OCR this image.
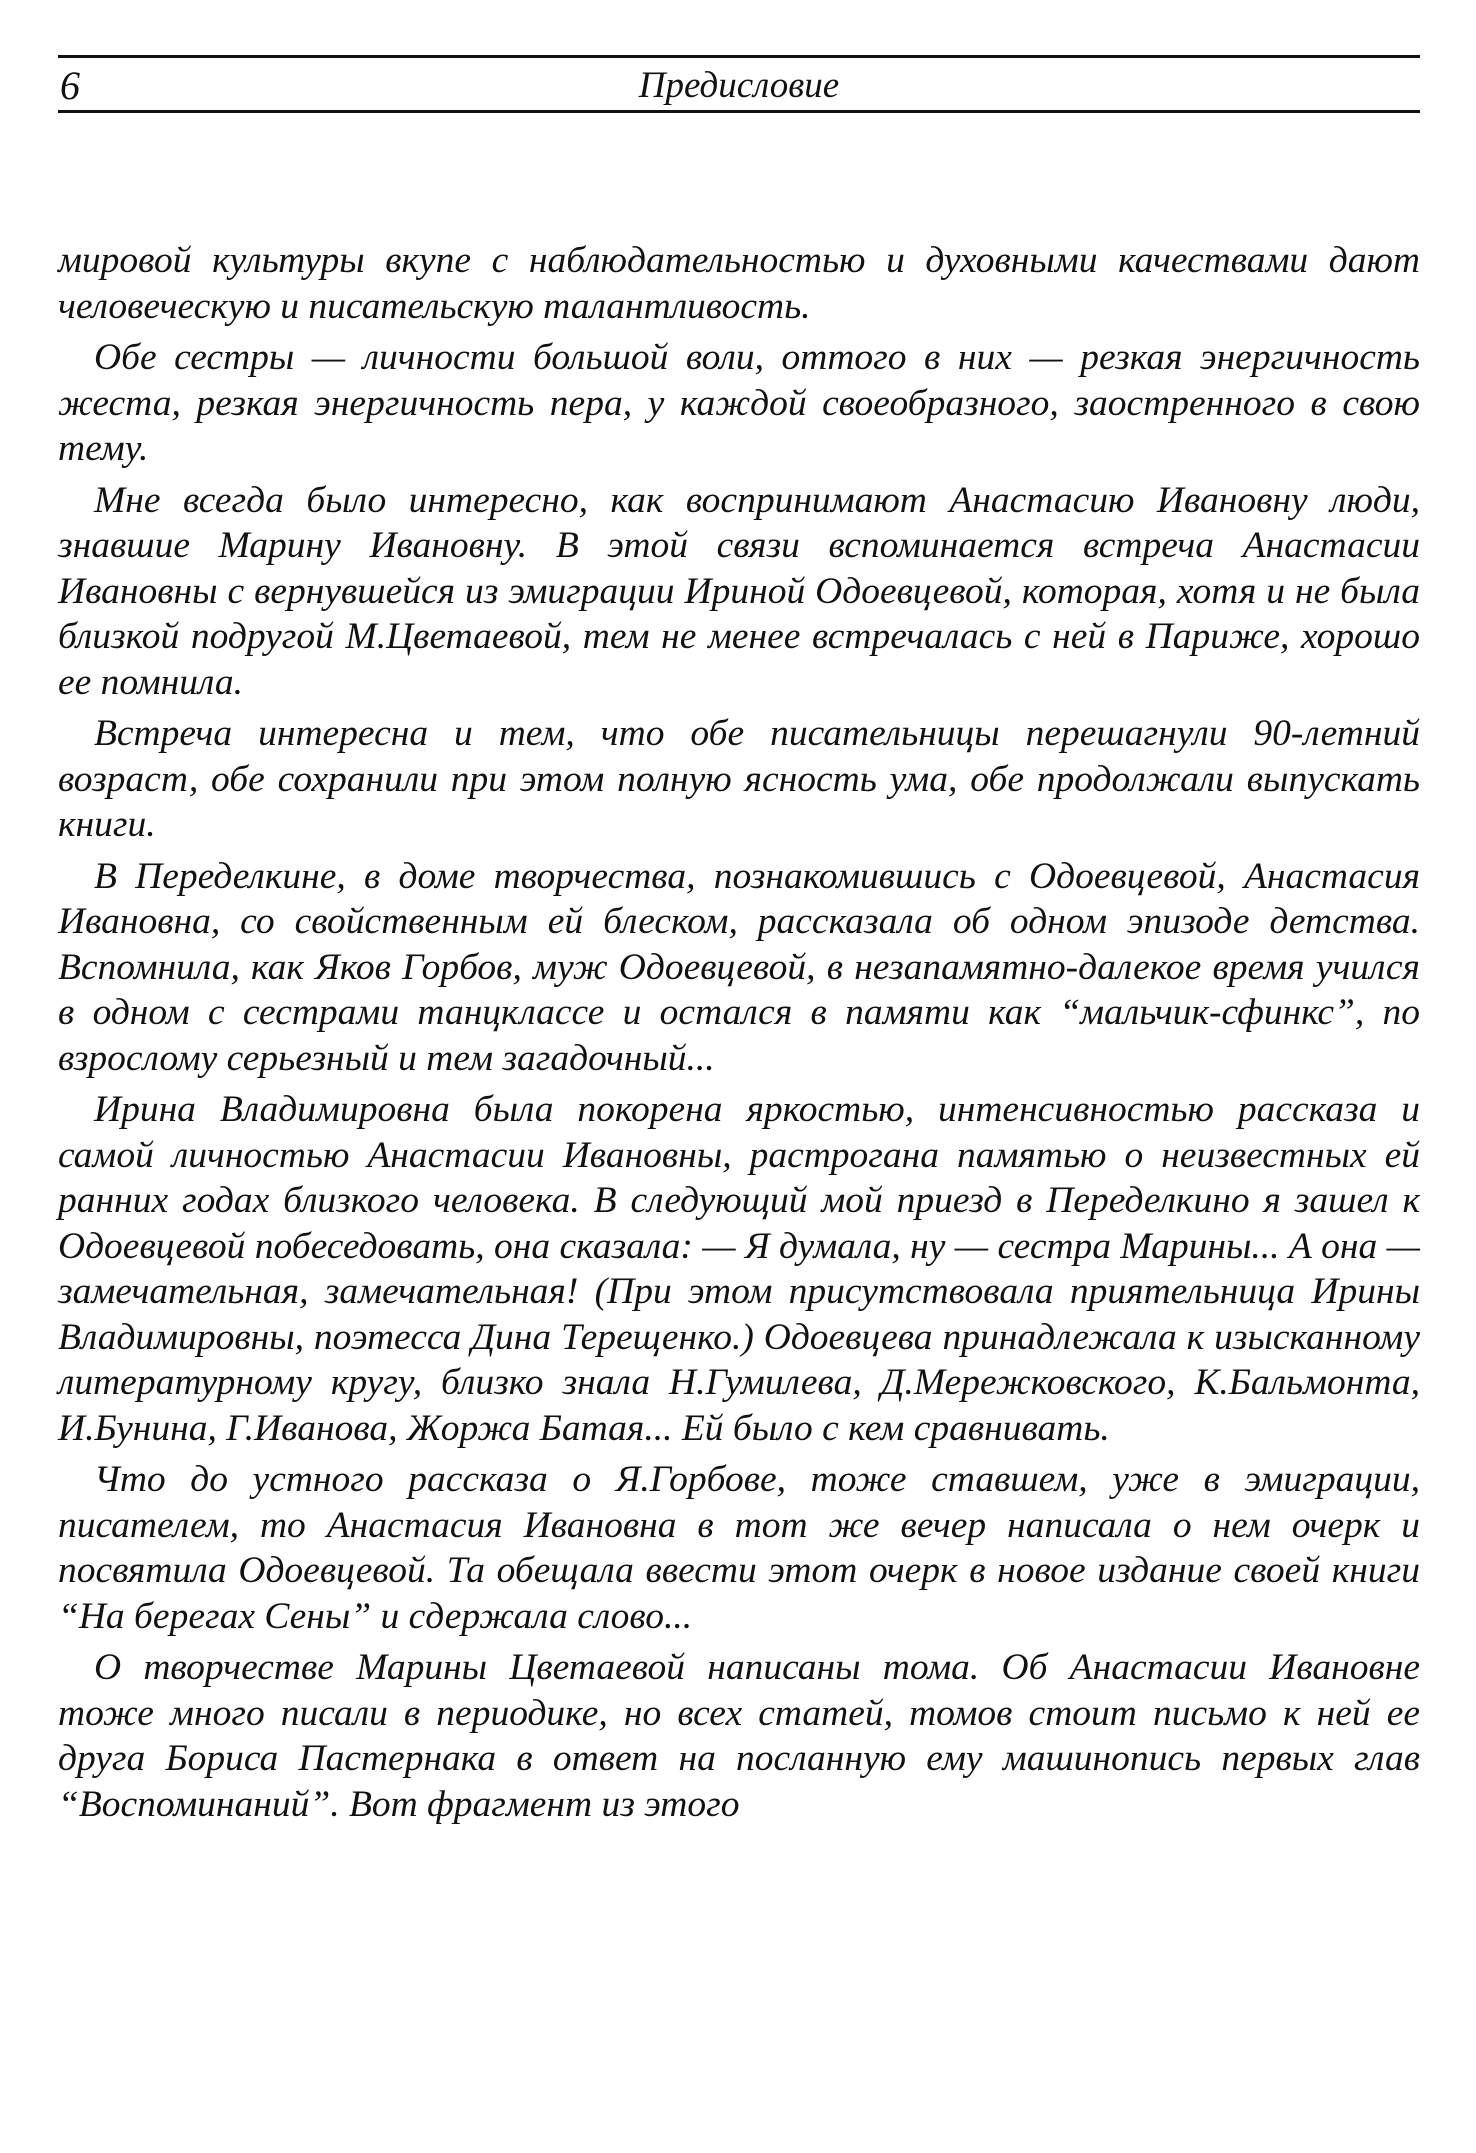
6	Предисловие

мировой культуры вкупе с наблюдательностью и духовными качествами дают человеческую и писательскую талантливость.

Обе сестры — личности большой воли, оттого в них — резкая энергичность жеста, резкая энергичность пера, у каждой своеобразного, заостренного в свою тему.

Мне всегда было интересно, как воспринимают Анастасию Ивановну люди, знавшие Марину Ивановну. В этой связи вспоминается встреча Анастасии Ивановны с вернувшейся из эмиграции Ириной Одоевцевой, которая, хотя и не была близкой подругой М.Цветаевой, тем не менее встречалась с ней в Париже, хорошо ее помнила.

Встреча интересна и тем, что обе писательницы перешагнули 90-летний возраст, обе сохранили при этом полную ясность ума, обе продолжали выпускать книги.

В Переделкине, в доме творчества, познакомившись с Одоевцевой, Анастасия Ивановна, со свойственным ей блеском, рассказала об одном эпизоде детства. Вспомнила, как Яков Горбов, муж Одоевцевой, в незапамятно-далекое время учился в одном с сестрами танцклассе и остался в памяти как “мальчик-сфинкс”, по взрослому серьезный и тем загадочный...

Ирина Владимировна была покорена яркостью, интенсивностью рассказа и самой личностью Анастасии Ивановны, растрогана памятью о неизвестных ей ранних годах близкого человека. В следующий мой приезд в Переделкино я зашел к Одоевцевой побеседовать, она сказала: — Я думала, ну — сестра Марины... А она — замечательная, замечательная! (При этом присутствовала приятельница Ирины Владимировны, поэтесса Дина Терещенко.) Одоевцева принадлежала к изысканному литературному кругу, близко знала Н.Гумилева, Д.Мережковского, К.Бальмонта, И.Бунина, Г.Иванова, Жоржа Батая... Ей было с кем сравнивать.

Что до устного рассказа о Я.Горбове, тоже ставшем, уже в эмиграции, писателем, то Анастасия Ивановна в тот же вечер написала о нем очерк и посвятила Одоевцевой. Та обещала ввести этот очерк в новое издание своей книги “На берегах Сены” и сдержала слово...

О творчестве Марины Цветаевой написаны тома. Об Анастасии Ивановне тоже много писали в периодике, но всех статей, томов стоит письмо к ней ее друга Бориса Пастернака в ответ на посланную ему машинопись первых глав “Воспоминаний”. Вот фрагмент из этого
